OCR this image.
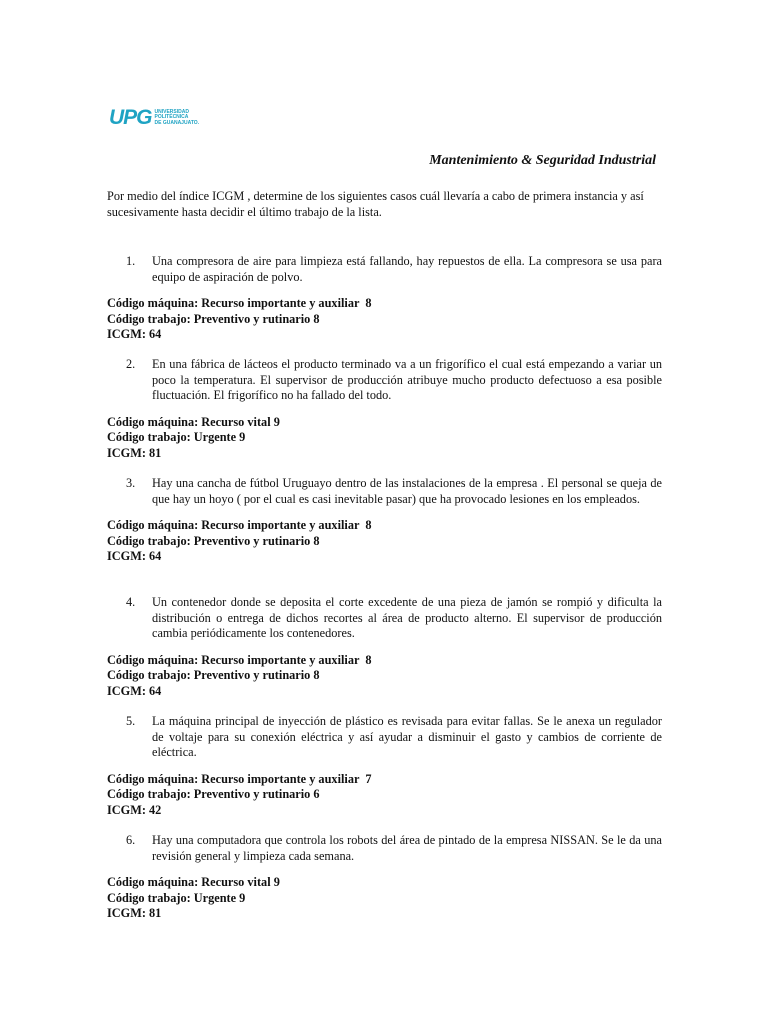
UPG UNIVERSIDAD
POLITÉCNICA
DE GUANAJUATO.
Mantenimiento & Seguridad Industrial
Por medio del índice ICGM , determine de los siguientes casos cuál llevaría a cabo de primera instancia y así sucesivamente hasta decidir el último trabajo de la lista.
1.	Una compresora de aire para limpieza está fallando, hay repuestos de ella. La compresora se usa para equipo de aspiración de polvo.
Código máquina: Recurso importante y auxiliar  8
Código trabajo: Preventivo y rutinario 8
ICGM: 64
2.	En una fábrica de lácteos el producto terminado va a un frigorífico el cual está empezando a variar un poco la temperatura. El supervisor de producción atribuye mucho producto defectuoso a esa posible fluctuación. El frigorífico no ha fallado del todo.
Código máquina: Recurso vital 9
Código trabajo: Urgente 9
ICGM: 81
3.	Hay una cancha de fútbol Uruguayo dentro de las instalaciones de la empresa . El personal se queja de que hay un hoyo ( por el cual es casi inevitable pasar) que ha provocado lesiones en los empleados.
Código máquina: Recurso importante y auxiliar  8
Código trabajo: Preventivo y rutinario 8
ICGM: 64
4.	Un contenedor donde se deposita el corte excedente de una pieza de jamón se rompió y dificulta la distribución o entrega de dichos recortes al área de producto alterno. El supervisor de producción cambia periódicamente los contenedores.
Código máquina: Recurso importante y auxiliar  8
Código trabajo: Preventivo y rutinario 8
ICGM: 64
5.	La máquina principal de inyección de plástico es revisada para evitar fallas. Se le anexa un regulador de voltaje para su conexión eléctrica y así ayudar a disminuir el gasto y cambios de corriente de eléctrica.
Código máquina: Recurso importante y auxiliar  7
Código trabajo: Preventivo y rutinario 6
ICGM: 42
6.	Hay una computadora que controla los robots del área de pintado de la empresa NISSAN. Se le da una revisión general y limpieza cada semana.
Código máquina: Recurso vital 9
Código trabajo: Urgente 9
ICGM: 81
